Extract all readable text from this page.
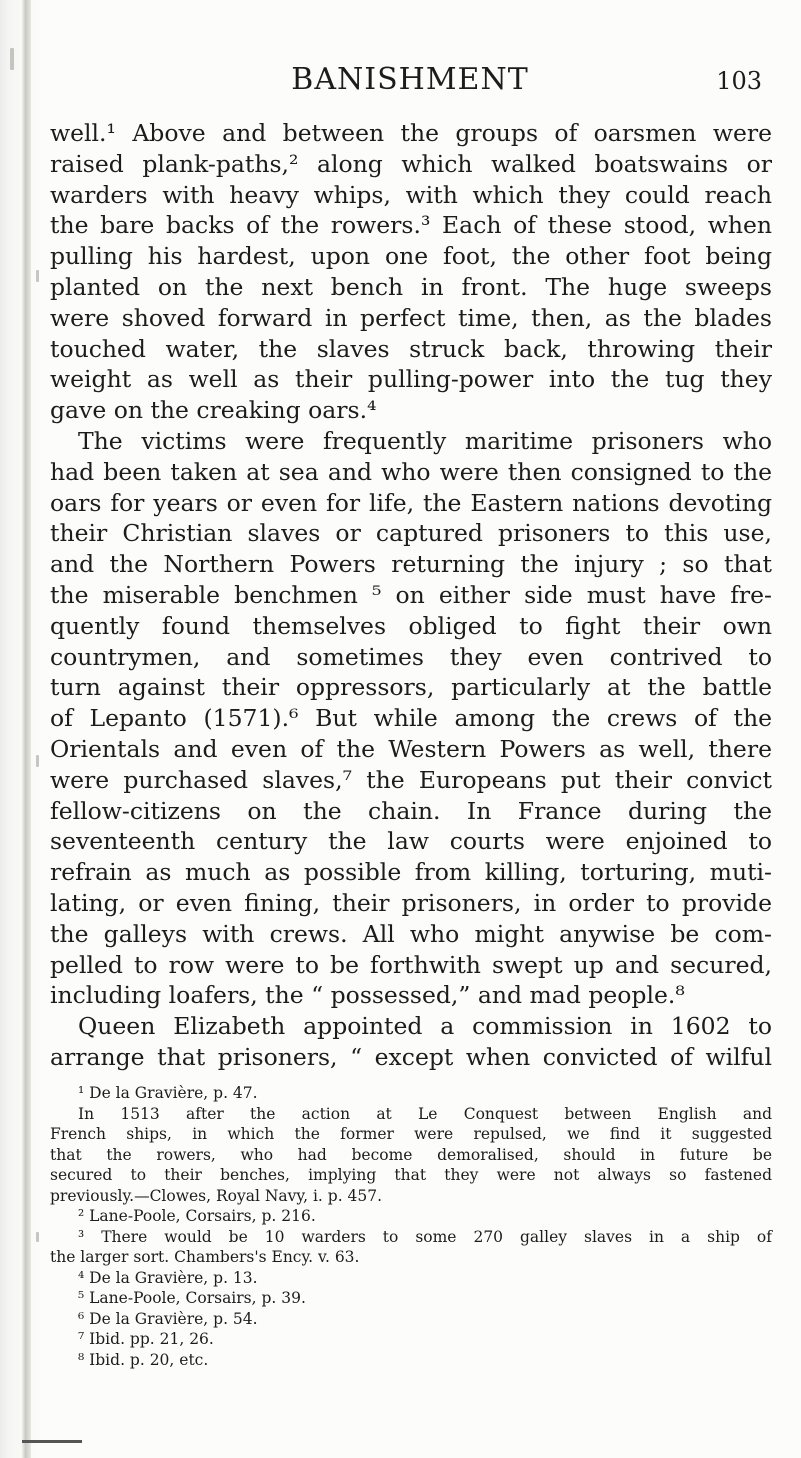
BANISHMENT	103
well.¹ Above and between the groups of oarsmen were
raised plank-paths,² along which walked boatswains or
warders with heavy whips, with which they could reach
the bare backs of the rowers.³ Each of these stood, when
pulling his hardest, upon one foot, the other foot being
planted on the next bench in front. The huge sweeps
were shoved forward in perfect time, then, as the blades
touched water, the slaves struck back, throwing their
weight as well as their pulling-power into the tug they
gave on the creaking oars.⁴
The victims were frequently maritime prisoners who
had been taken at sea and who were then consigned to the
oars for years or even for life, the Eastern nations devoting
their Christian slaves or captured prisoners to this use,
and the Northern Powers returning the injury ; so that
the miserable benchmen ⁵ on either side must have fre-
quently found themselves obliged to fight their own
countrymen, and sometimes they even contrived to
turn against their oppressors, particularly at the battle
of Lepanto (1571).⁶ But while among the crews of the
Orientals and even of the Western Powers as well, there
were purchased slaves,⁷ the Europeans put their convict
fellow-citizens on the chain. In France during the
seventeenth century the law courts were enjoined to
refrain as much as possible from killing, torturing, muti-
lating, or even fining, their prisoners, in order to provide
the galleys with crews. All who might anywise be com-
pelled to row were to be forthwith swept up and secured,
including loafers, the “ possessed,” and mad people.⁸
Queen Elizabeth appointed a commission in 1602 to
arrange that prisoners, “ except when convicted of wilful
¹ De la Gravière, p. 47.
In 1513 after the action at Le Conquest between English and
French ships, in which the former were repulsed, we find it suggested
that the rowers, who had become demoralised, should in future be
secured to their benches, implying that they were not always so fastened
previously.—Clowes, Royal Navy, i. p. 457.
² Lane-Poole, Corsairs, p. 216.
³ There would be 10 warders to some 270 galley slaves in a ship of
the larger sort. Chambers's Ency. v. 63.
⁴ De la Gravière, p. 13.
⁵ Lane-Poole, Corsairs, p. 39.
⁶ De la Gravière, p. 54.
⁷ Ibid. pp. 21, 26.
⁸ Ibid. p. 20, etc.
